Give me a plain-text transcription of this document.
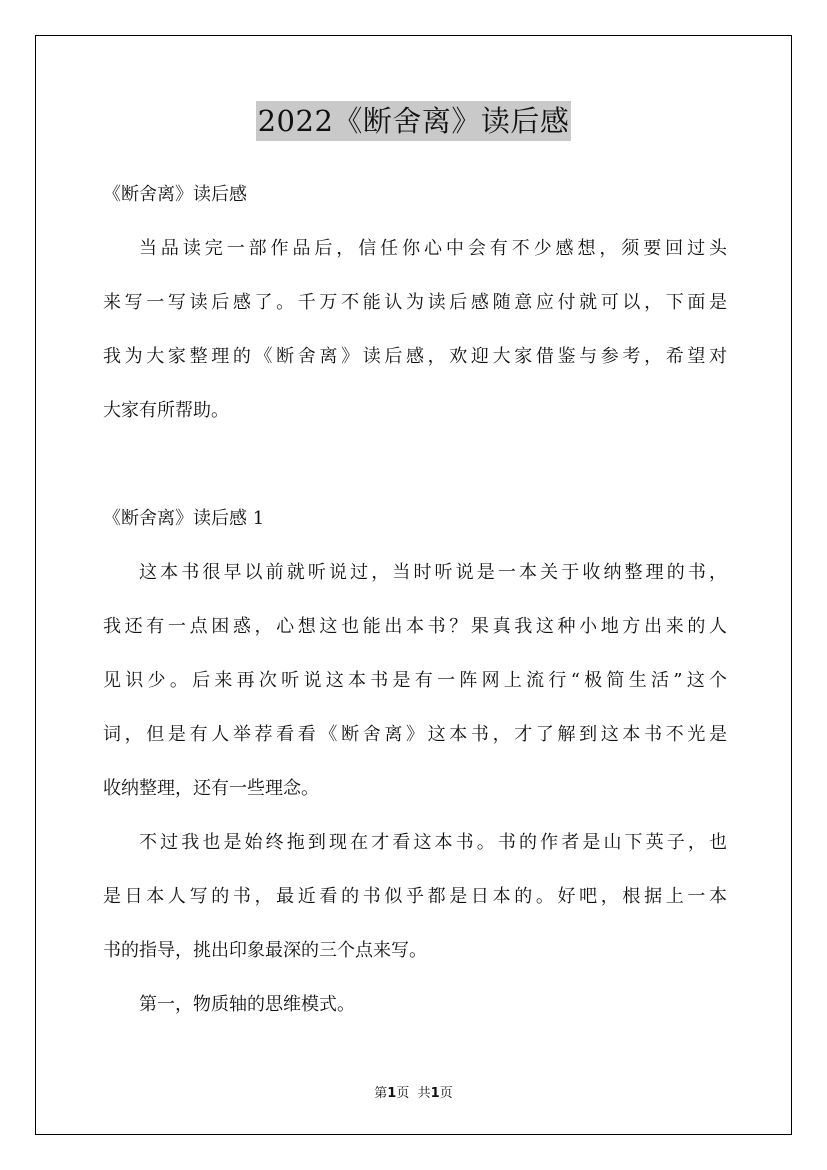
2022《断舍离》读后感

《断舍离》读后感

当品读完一部作品后，信任你心中会有不少感想，须要回过头
来写一写读后感了。千万不能认为读后感随意应付就可以，下面是
我为大家整理的《断舍离》读后感，欢迎大家借鉴与参考，希望对
大家有所帮助。

《断舍离》读后感 1

这本书很早以前就听说过，当时听说是一本关于收纳整理的书，
我还有一点困惑，心想这也能出本书？果真我这种小地方出来的人
见识少。后来再次听说这本书是有一阵网上流行“极简生活”这个
词，但是有人举荐看看《断舍离》这本书，才了解到这本书不光是
收纳整理，还有一些理念。

不过我也是始终拖到现在才看这本书。书的作者是山下英子，也
是日本人写的书，最近看的书似乎都是日本的。好吧，根据上一本
书的指导，挑出印象最深的三个点来写。

第一，物质轴的思维模式。

第1页 共1页
